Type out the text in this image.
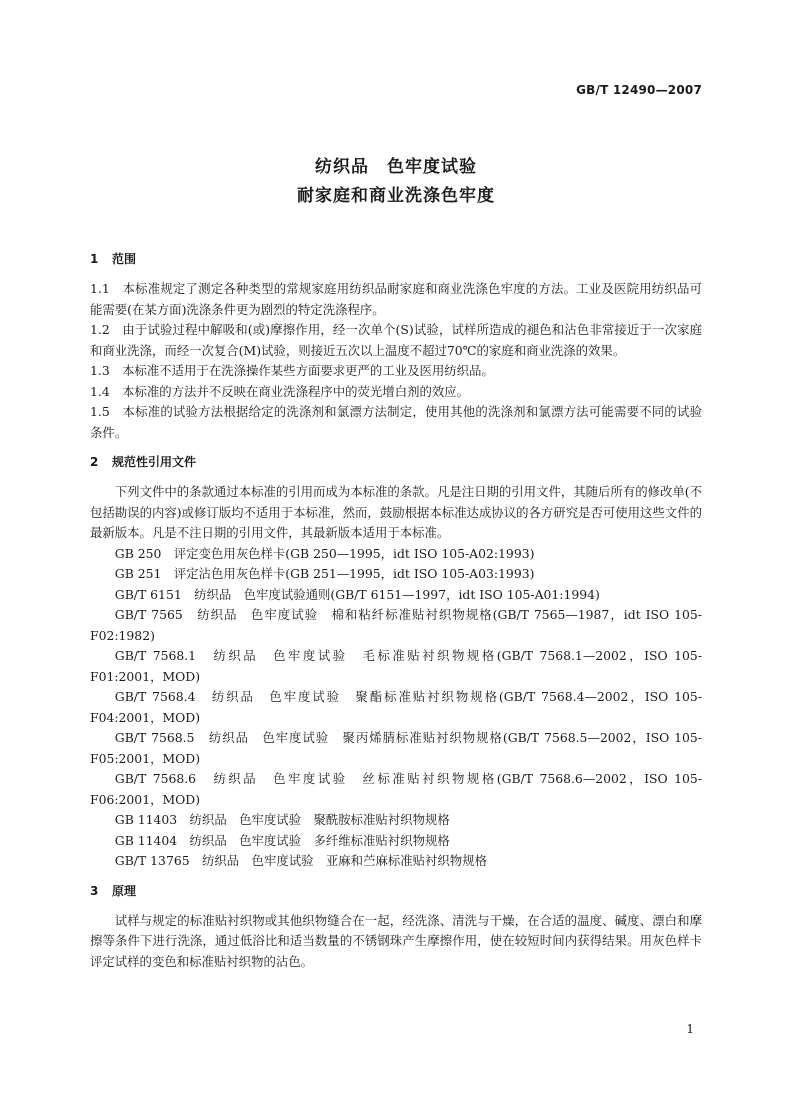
GB/T 12490—2007
纺织品　色牢度试验
耐家庭和商业洗涤色牢度

1 范围

1.1　本标准规定了测定各种类型的常规家庭用纺织品耐家庭和商业洗涤色牢度的方法。工业及医院用纺织品可能需要(在某方面)洗涤条件更为剧烈的特定洗涤程序。

1.2　由于试验过程中解吸和(或)摩擦作用，经一次单个(S)试验，试样所造成的褪色和沾色非常接近于一次家庭和商业洗涤，而经一次复合(M)试验，则接近五次以上温度不超过70℃的家庭和商业洗涤的效果。

1.3　本标准不适用于在洗涤操作某些方面要求更严的工业及医用纺织品。

1.4　本标准的方法并不反映在商业洗涤程序中的荧光增白剂的效应。

1.5　本标准的试验方法根据给定的洗涤剂和氯漂方法制定，使用其他的洗涤剂和氯漂方法可能需要不同的试验条件。

2 规范性引用文件

下列文件中的条款通过本标准的引用而成为本标准的条款。凡是注日期的引用文件，其随后所有的修改单(不包括勘误的内容)或修订版均不适用于本标准，然而，鼓励根据本标准达成协议的各方研究是否可使用这些文件的最新版本。凡是不注日期的引用文件，其最新版本适用于本标准。

GB 250　评定变色用灰色样卡(GB 250—1995，idt ISO 105-A02:1993)

GB 251　评定沾色用灰色样卡(GB 251—1995，idt ISO 105-A03:1993)

GB/T 6151　纺织品　色牢度试验通则(GB/T 6151—1997，idt ISO 105-A01:1994)

GB/T 7565　纺织品　色牢度试验　棉和粘纤标准贴衬织物规格(GB/T 7565—1987，idt ISO 105-F02:1982)

GB/T 7568.1　纺织品　色牢度试验　毛标准贴衬织物规格(GB/T 7568.1—2002，ISO 105-F01:2001，MOD)

GB/T 7568.4　纺织品　色牢度试验　聚酯标准贴衬织物规格(GB/T 7568.4—2002，ISO 105-F04:2001，MOD)

GB/T 7568.5　纺织品　色牢度试验　聚丙烯腈标准贴衬织物规格(GB/T 7568.5—2002，ISO 105-F05:2001，MOD)

GB/T 7568.6　纺织品　色牢度试验　丝标准贴衬织物规格(GB/T 7568.6—2002，ISO 105-F06:2001，MOD)

GB 11403　纺织品　色牢度试验　聚酰胺标准贴衬织物规格

GB 11404　纺织品　色牢度试验　多纤维标准贴衬织物规格

GB/T 13765　纺织品　色牢度试验　亚麻和苎麻标准贴衬织物规格

3 原理

试样与规定的标准贴衬织物或其他织物缝合在一起，经洗涤、清洗与干燥，在合适的温度、碱度、漂白和摩擦等条件下进行洗涤，通过低浴比和适当数量的不锈钢珠产生摩擦作用，使在较短时间内获得结果。用灰色样卡评定试样的变色和标准贴衬织物的沾色。

1
